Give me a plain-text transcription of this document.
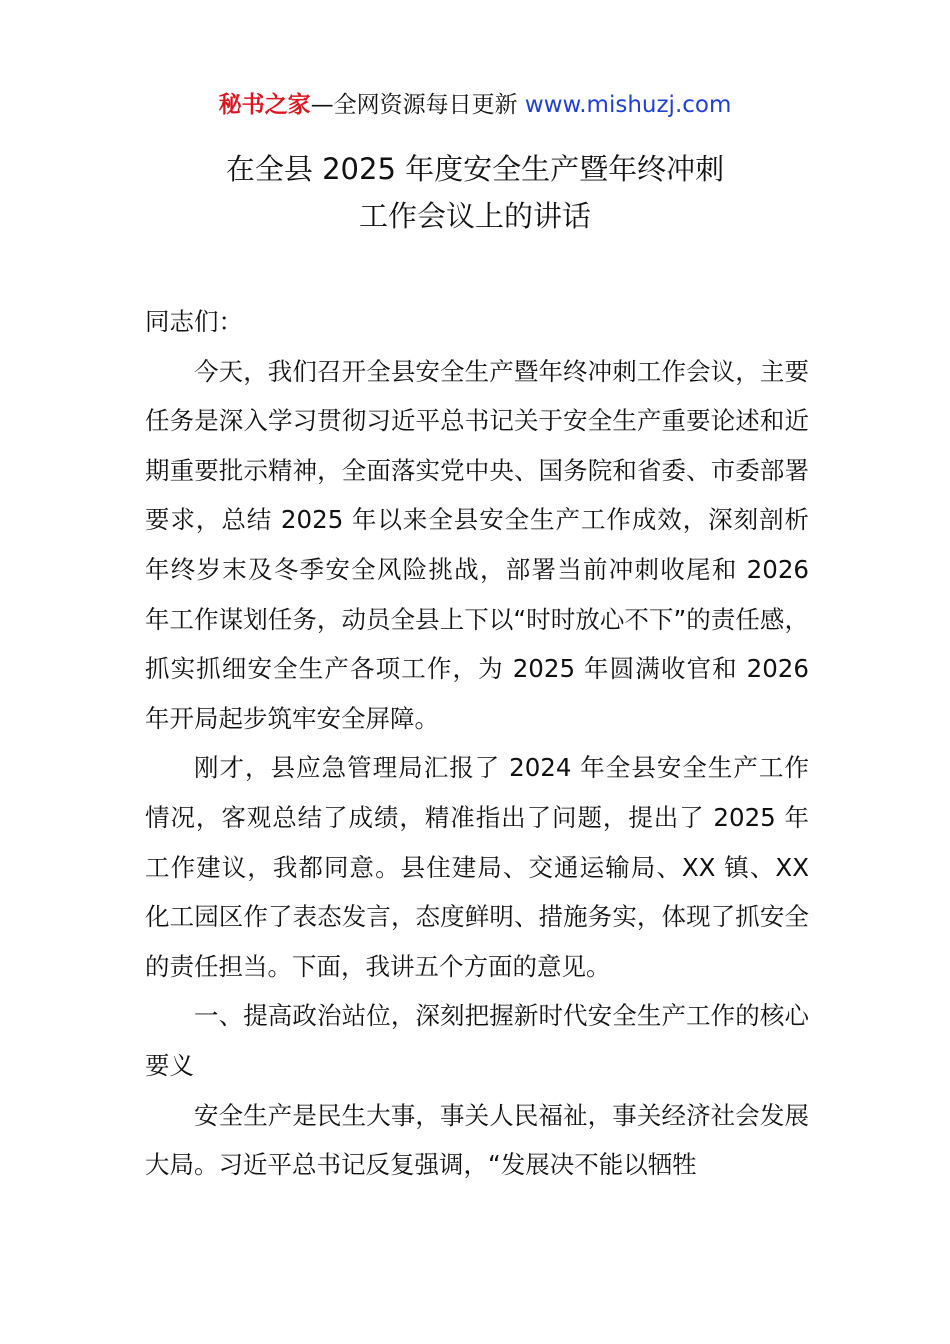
秘书之家—全网资源每日更新 www.mishuzj.com
在全县 2025 年度安全生产暨年终冲刺
工作会议上的讲话

同志们：

今天，我们召开全县安全生产暨年终冲刺工作会议，主要任务是深入学习贯彻习近平总书记关于安全生产重要论述和近期重要批示精神，全面落实党中央、国务院和省委、市委部署要求，总结 2025 年以来全县安全生产工作成效，深刻剖析年终岁末及冬季安全风险挑战，部署当前冲刺收尾和 2026 年工作谋划任务，动员全县上下以“时时放心不下”的责任感，抓实抓细安全生产各项工作，为 2025 年圆满收官和 2026 年开局起步筑牢安全屏障。

刚才，县应急管理局汇报了 2024 年全县安全生产工作情况，客观总结了成绩，精准指出了问题，提出了 2025 年工作建议，我都同意。县住建局、交通运输局、XX 镇、XX 化工园区作了表态发言，态度鲜明、措施务实，体现了抓安全的责任担当。下面，我讲五个方面的意见。

一、提高政治站位，深刻把握新时代安全生产工作的核心要义

安全生产是民生大事，事关人民福祉，事关经济社会发展大局。习近平总书记反复强调，“发展决不能以牺牲
